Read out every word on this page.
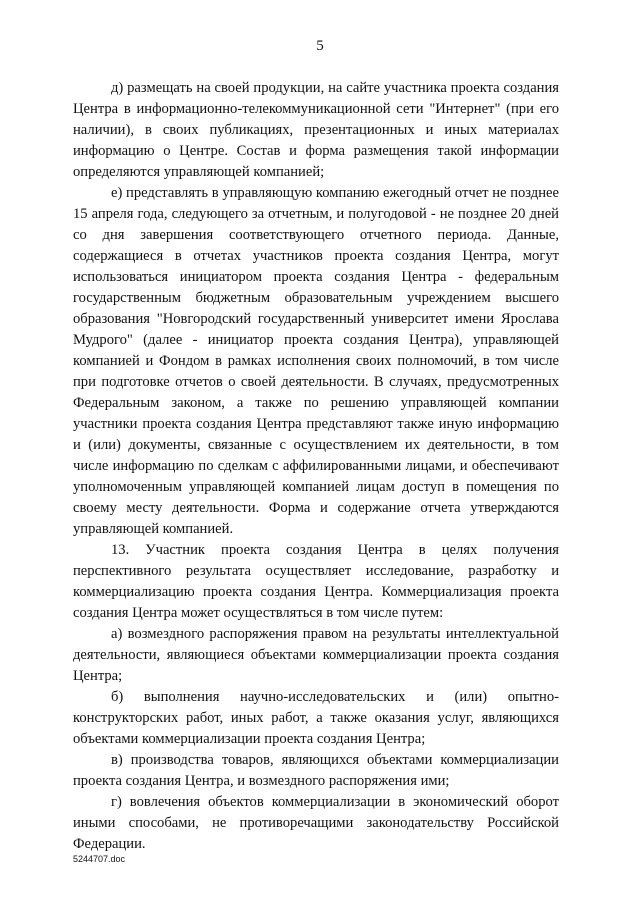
5

д) размещать на своей продукции, на сайте участника проекта создания Центра в информационно-телекоммуникационной сети "Интернет" (при его наличии), в своих публикациях, презентационных и иных материалах информацию о Центре. Состав и форма размещения такой информации определяются управляющей компанией;

е) представлять в управляющую компанию ежегодный отчет не позднее 15 апреля года, следующего за отчетным, и полугодовой - не позднее 20 дней со дня завершения соответствующего отчетного периода. Данные, содержащиеся в отчетах участников проекта создания Центра, могут использоваться инициатором проекта создания Центра - федеральным государственным бюджетным образовательным учреждением высшего образования "Новгородский государственный университет имени Ярослава Мудрого" (далее - инициатор проекта создания Центра), управляющей компанией и Фондом в рамках исполнения своих полномочий, в том числе при подготовке отчетов о своей деятельности. В случаях, предусмотренных Федеральным законом, а также по решению управляющей компании участники проекта создания Центра представляют также иную информацию и (или) документы, связанные с осуществлением их деятельности, в том числе информацию по сделкам с аффилированными лицами, и обеспечивают уполномоченным управляющей компанией лицам доступ в помещения по своему месту деятельности. Форма и содержание отчета утверждаются управляющей компанией.

13. Участник проекта создания Центра в целях получения перспективного результата осуществляет исследование, разработку и коммерциализацию проекта создания Центра. Коммерциализация проекта создания Центра может осуществляться в том числе путем:

а) возмездного распоряжения правом на результаты интеллектуальной деятельности, являющиеся объектами коммерциализации проекта создания Центра;

б) выполнения научно-исследовательских и (или) опытно-конструкторских работ, иных работ, а также оказания услуг, являющихся объектами коммерциализации проекта создания Центра;

в) производства товаров, являющихся объектами коммерциализации проекта создания Центра, и возмездного распоряжения ими;

г) вовлечения объектов коммерциализации в экономический оборот иными способами, не противоречащими законодательству Российской Федерации.

5244707.doc
